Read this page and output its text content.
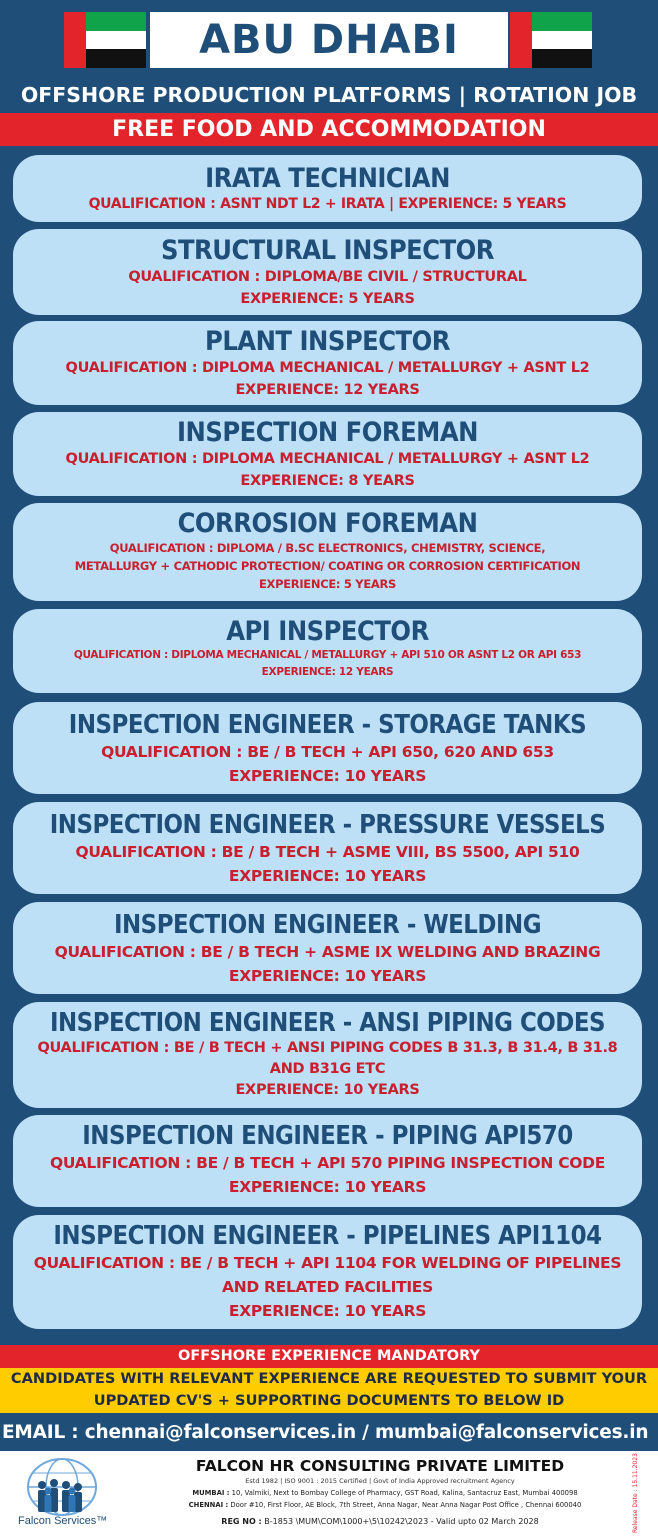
ABU DHABI
OFFSHORE PRODUCTION PLATFORMS | ROTATION JOB
FREE FOOD AND ACCOMMODATION
IRATA TECHNICIAN
QUALIFICATION : ASNT NDT L2 + IRATA | EXPERIENCE: 5 YEARS
STRUCTURAL INSPECTOR
QUALIFICATION : DIPLOMA/BE CIVIL / STRUCTURAL
EXPERIENCE: 5 YEARS
PLANT INSPECTOR
QUALIFICATION : DIPLOMA MECHANICAL / METALLURGY + ASNT L2
EXPERIENCE: 12 YEARS
INSPECTION FOREMAN
QUALIFICATION : DIPLOMA MECHANICAL / METALLURGY + ASNT L2
EXPERIENCE: 8 YEARS
CORROSION FOREMAN
QUALIFICATION : DIPLOMA / B.SC ELECTRONICS, CHEMISTRY, SCIENCE,
METALLURGY + CATHODIC PROTECTION/ COATING OR CORROSION CERTIFICATION
EXPERIENCE: 5 YEARS
API INSPECTOR
QUALIFICATION : DIPLOMA MECHANICAL / METALLURGY + API 510 OR ASNT L2 OR API 653
EXPERIENCE: 12 YEARS
INSPECTION ENGINEER - STORAGE TANKS
QUALIFICATION : BE / B TECH + API 650, 620 AND 653
EXPERIENCE: 10 YEARS
INSPECTION ENGINEER - PRESSURE VESSELS
QUALIFICATION : BE / B TECH + ASME VIII, BS 5500, API 510
EXPERIENCE: 10 YEARS
INSPECTION ENGINEER - WELDING
QUALIFICATION : BE / B TECH + ASME IX WELDING AND BRAZING
EXPERIENCE: 10 YEARS
INSPECTION ENGINEER - ANSI PIPING CODES
QUALIFICATION : BE / B TECH + ANSI PIPING CODES B 31.3, B 31.4, B 31.8
AND B31G ETC
EXPERIENCE: 10 YEARS
INSPECTION ENGINEER - PIPING API570
QUALIFICATION : BE / B TECH + API 570 PIPING INSPECTION CODE
EXPERIENCE: 10 YEARS
INSPECTION ENGINEER - PIPELINES API1104
QUALIFICATION : BE / B TECH + API 1104 FOR WELDING OF PIPELINES
AND RELATED FACILITIES
EXPERIENCE: 10 YEARS
OFFSHORE EXPERIENCE MANDATORY
CANDIDATES WITH RELEVANT EXPERIENCE ARE REQUESTED TO SUBMIT YOUR
UPDATED CV'S + SUPPORTING DOCUMENTS TO BELOW ID
EMAIL : chennai@falconservices.in / mumbai@falconservices.in
Falcon Services™
FALCON HR CONSULTING PRIVATE LIMITED
Estd 1982 | ISO 9001 : 2015 Certified | Govt of India Approved recruitment Agency
MUMBAI : 10, Valmiki, Next to Bombay College of Pharmacy, GST Road, Kalina, Santacruz East, Mumbai 400098
CHENNAI : Door #10, First Floor, AE Block, 7th Street, Anna Nagar, Near Anna Nagar Post Office , Chennai 600040
REG NO : B-1853 \MUM\COM\1000+\5\10242\2023 - Valid upto 02 March 2028	Release Date : 15.11.2023
